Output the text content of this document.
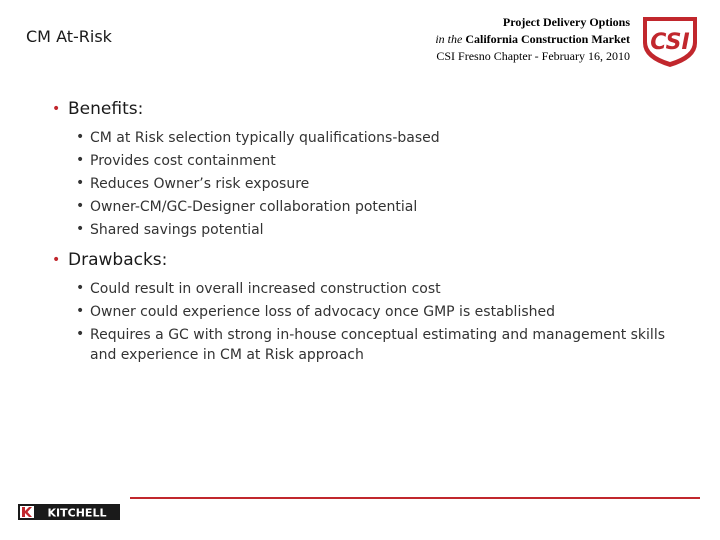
CM At-Risk
Project Delivery Options
in the California Construction Market
CSI Fresno Chapter - February 16, 2010
CSI
• Benefits:
• CM at Risk selection typically qualifications-based
• Provides cost containment
• Reduces Owner’s risk exposure
• Owner-CM/GC-Designer collaboration potential
• Shared savings potential
• Drawbacks:
• Could result in overall increased construction cost
• Owner could experience loss of advocacy once GMP is established
• Requires a GC with strong in-house conceptual estimating and management skills and experience in CM at Risk approach
KITCHELL
